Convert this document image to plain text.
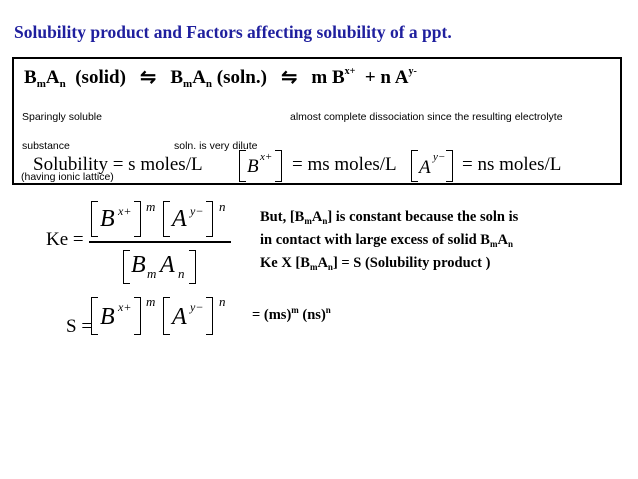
Solubility product and Factors affecting solubility of a ppt.
$B_mA_n$ (solid) ⇋ $B_mA_n$ (soln.) ⇋ m $B^{x+} + n$ $A^{y-}$
Sparingly soluble	almost complete dissociation since the resulting electrolyte
substance	soln. is very dilute
Solubility = s moles/L
(having ionic lattice)	B x+ = ms moles/L A y− = ns moles/L
Ke =
B x+ m A y− n
B m A n
But, $[B_mA_n]$ is constant because the soln is
in contact with large excess of solid $B_mA_n$
Ke X $[B_mA_n] = S$ (Solubility product )
S = B x+ m
A y− n
= (ms)$^m$ (ns)$^n$
